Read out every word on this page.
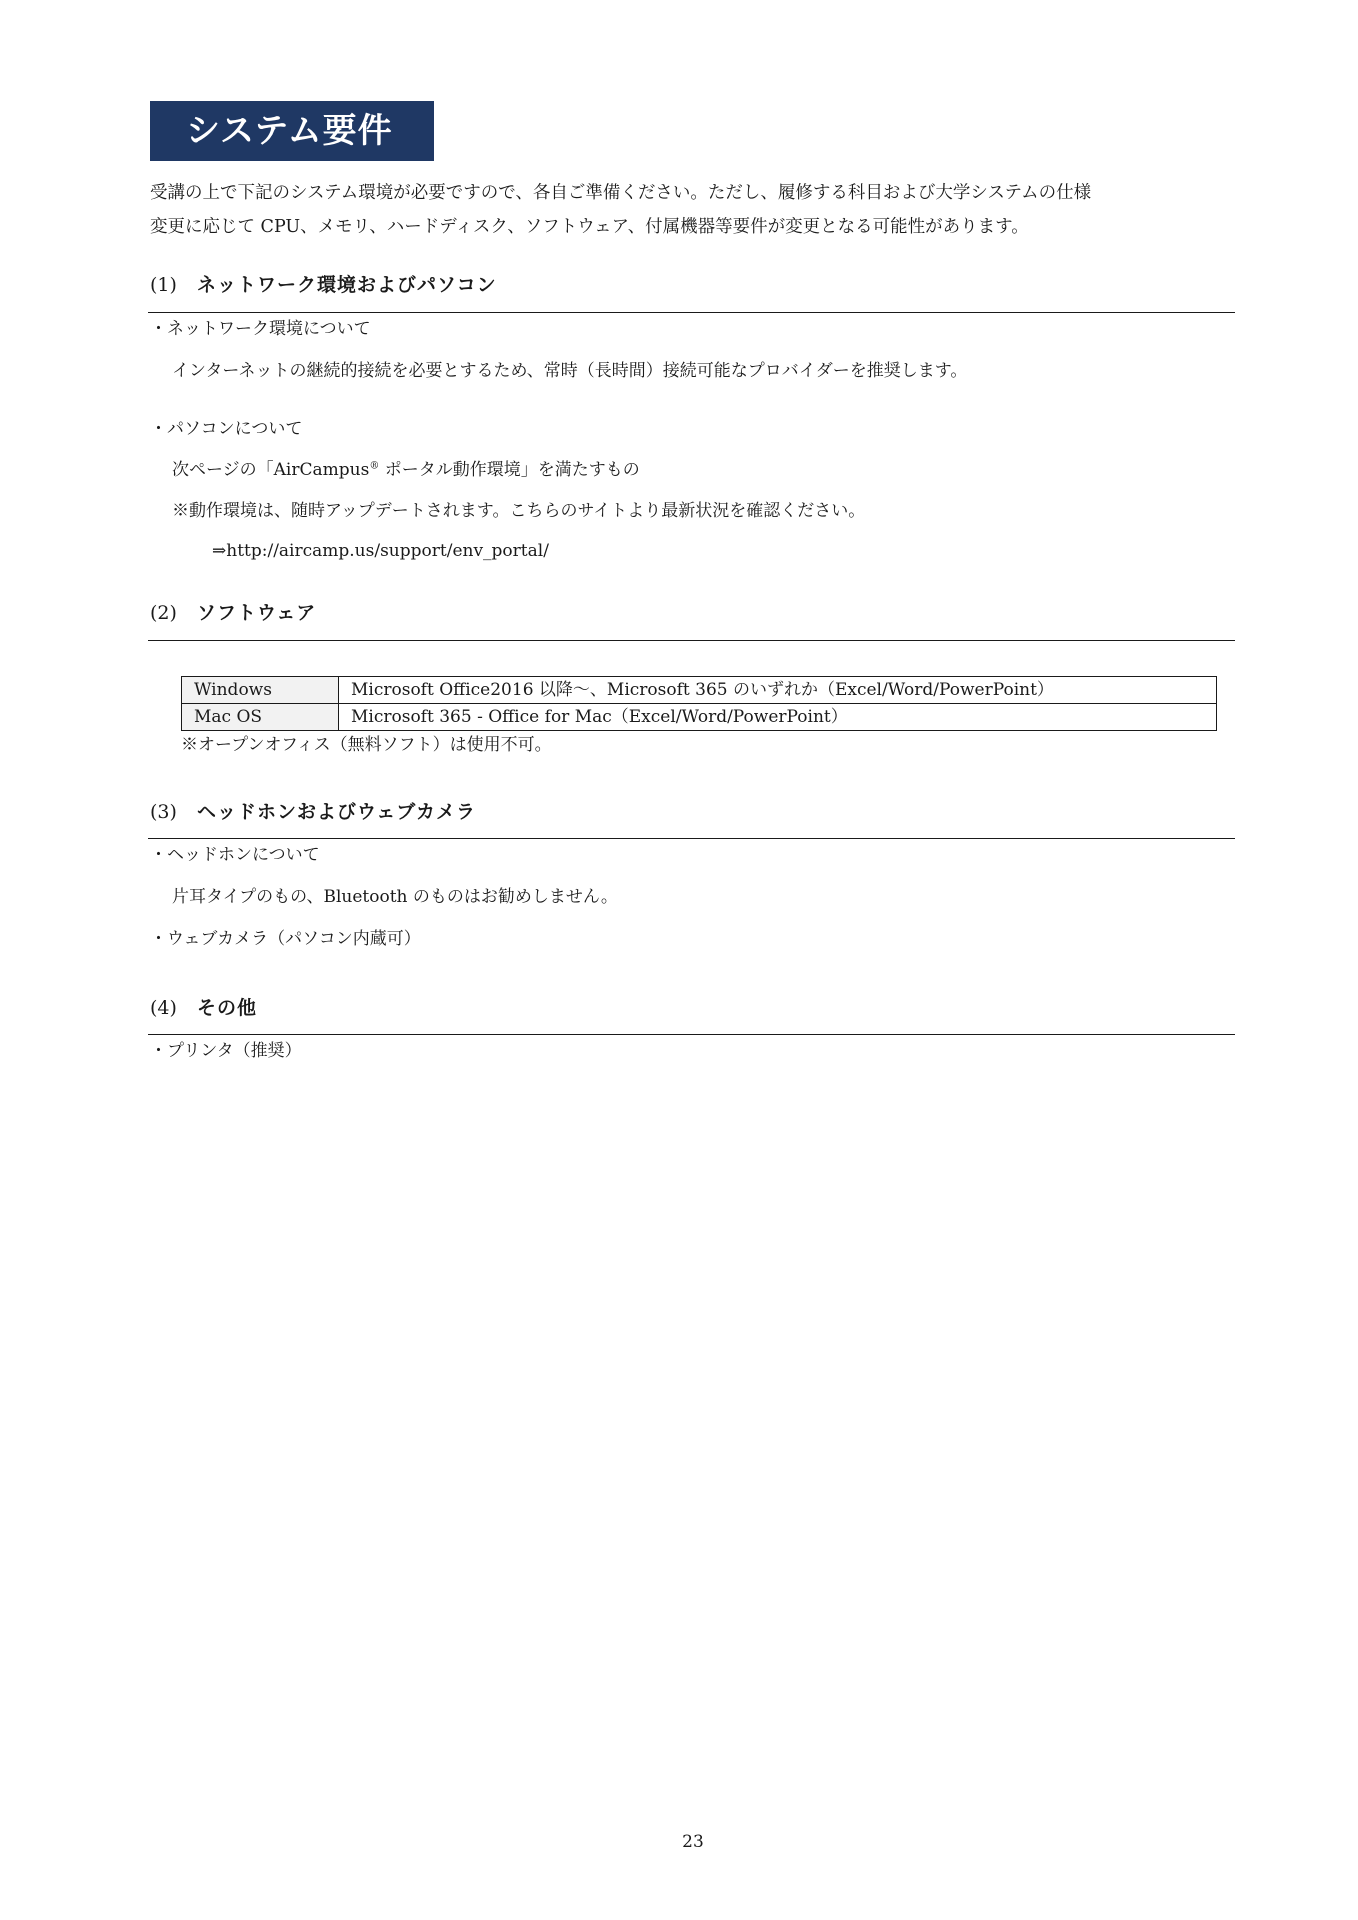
システム要件

受講の上で下記のシステム環境が必要ですので、各自ご準備ください。ただし、履修する科目および大学システムの仕様

変更に応じて CPU、メモリ、ハードディスク、ソフトウェア、付属機器等要件が変更となる可能性があります。

(1) ネットワーク環境およびパソコン
・ネットワーク環境について
インターネットの継続的接続を必要とするため、常時（長時間）接続可能なプロバイダーを推奨します。
・パソコンについて
次ページの「AirCampus® ポータル動作環境」を満たすもの
※動作環境は、随時アップデートされます。こちらのサイトより最新状況を確認ください。
⇒http://aircamp.us/support/env_portal/
(2) ソフトウェア
Windows	Microsoft Office2016 以降～、Microsoft 365 のいずれか（Excel/Word/PowerPoint）
Mac OS	Microsoft 365 - Office for Mac（Excel/Word/PowerPoint）
※オープンオフィス（無料ソフト）は使用不可。
(3) ヘッドホンおよびウェブカメラ
・ヘッドホンについて
片耳タイプのもの、Bluetooth のものはお勧めしません。
・ウェブカメラ（パソコン内蔵可）
(4) その他
・プリンタ（推奨）
23
